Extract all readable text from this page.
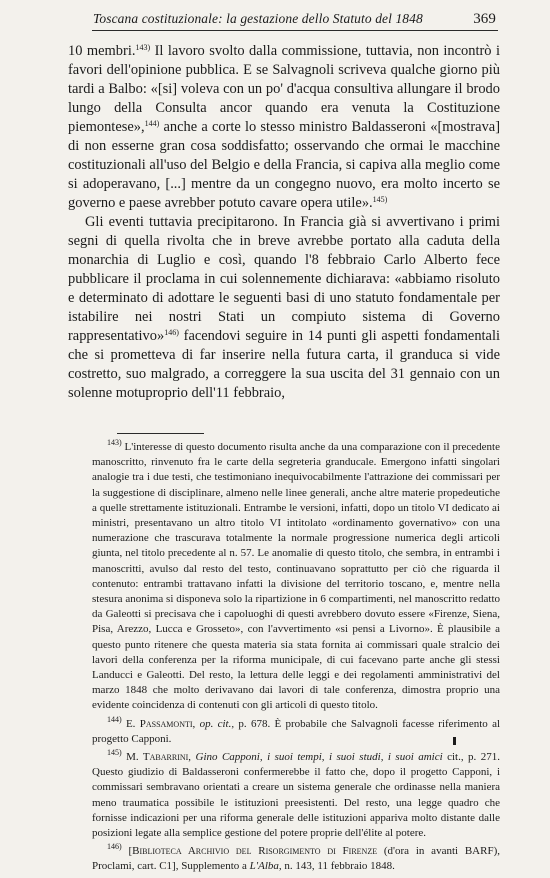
Toscana costituzionale: la gestazione dello Statuto del 1848	369

10 membri.$^{143)}$ Il lavoro svolto dalla commissione, tuttavia, non incontrò i favori dell'opinione pubblica. E se Salvagnoli scriveva qualche giorno più tardi a Balbo: «[si] voleva con un po' d'acqua consultiva allungare il brodo lungo della Consulta ancor quando era venuta la Costituzione piemontese»,$^{144)}$ anche a corte lo stesso ministro Baldasseroni «[mostrava] di non esserne gran cosa soddisfatto; osservando che ormai le macchine costituzionali all'uso del Belgio e della Francia, si capiva alla meglio come si adoperavano, [...] mentre da un congegno nuovo, era molto incerto se governo e paese avrebber potuto cavare opera utile».$^{145)}$

Gli eventi tuttavia precipitarono. In Francia già si avvertivano i primi segni di quella rivolta che in breve avrebbe portato alla caduta della monarchia di Luglio e così, quando l'8 febbraio Carlo Alberto fece pubblicare il proclama in cui solennemente dichiarava: «abbiamo risoluto e determinato di adottare le seguenti basi di uno statuto fondamentale per istabilire nei nostri Stati un compiuto sistema di Governo rappresentativo»$^{146)}$ facendovi seguire in 14 punti gli aspetti fondamentali che si prometteva di far inserire nella futura carta, il granduca si vide costretto, suo malgrado, a correggere la sua uscita del 31 gennaio con un solenne motuproprio dell'11 febbraio,

$^{143)}$ L'interesse di questo documento risulta anche da una comparazione con il precedente manoscritto, rinvenuto fra le carte della segreteria granducale. Emergono infatti singolari analogie tra i due testi, che testimoniano inequivocabilmente l'attrazione dei commissari per la suggestione di disciplinare, almeno nelle linee generali, anche altre materie propedeutiche a quelle strettamente istituzionali. Entrambe le versioni, infatti, dopo un titolo VI dedicato ai ministri, presentavano un altro titolo VI intitolato «ordinamento governativo» con una numerazione che trascurava totalmente la normale progressione numerica degli articoli giunta, nel titolo precedente al n. 57. Le anomalie di questo titolo, che sembra, in entrambi i manoscritti, avulso dal resto del testo, continuavano soprattutto per ciò che riguarda il contenuto: entrambi trattavano infatti la divisione del territorio toscano, e, mentre nella stesura anonima si disponeva solo la ripartizione in 6 compartimenti, nel manoscritto redatto da Galeotti si precisava che i capoluoghi di questi avrebbero dovuto essere «Firenze, Siena, Pisa, Arezzo, Lucca e Grosseto», con l'avvertimento «si pensi a Livorno». È plausibile a questo punto ritenere che questa materia sia stata fornita ai commissari quale stralcio dei lavori della conferenza per la riforma municipale, di cui facevano parte anche gli stessi Landucci e Galeotti. Del resto, la lettura delle leggi e dei regolamenti amministrativi del marzo 1848 che molto derivavano dai lavori di tale conferenza, dimostra proprio una evidente coincidenza di contenuti con gli articoli di questo titolo.

$^{144)}$ E. Passamonti, op. cit., p. 678. È probabile che Salvagnoli facesse riferimento al progetto Capponi.

$^{145)}$ M. Tabarrini, Gino Capponi, i suoi tempi, i suoi studi, i suoi amici cit., p. 271. Questo giudizio di Baldasseroni confermerebbe il fatto che, dopo il progetto Capponi, i commissari sembravano orientati a creare un sistema generale che ordinasse nella maniera meno traumatica possibile le istituzioni preesistenti. Del resto, una legge quadro che fornisse indicazioni per una riforma generale delle istituzioni appariva molto distante dalle posizioni legate alla semplice gestione del potere proprie dell'élite al potere.

$^{146)}$ [Biblioteca Archivio del Risorgimento di Firenze (d'ora in avanti BARF), Proclami, cart. C1], Supplemento a L'Alba, n. 143, 11 febbraio 1848.
